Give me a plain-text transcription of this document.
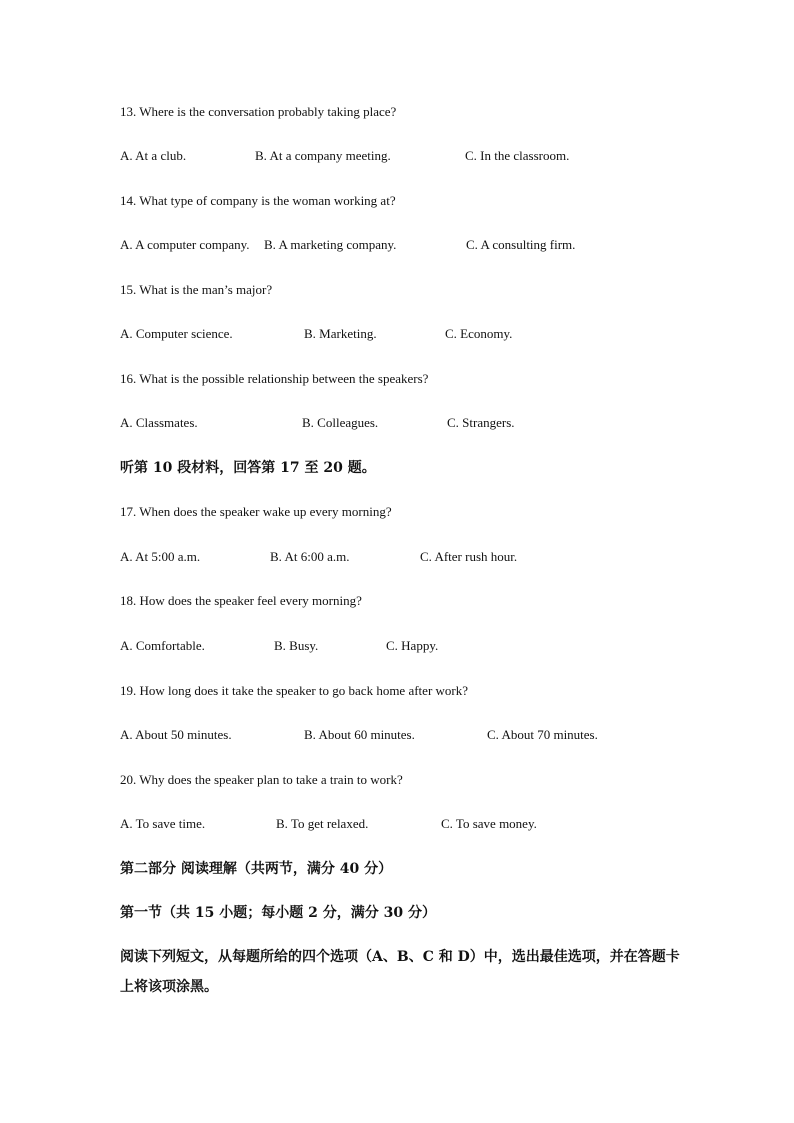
13. Where is the conversation probably taking place?
A. At a club.	B. At a company meeting.	C. In the classroom.
14. What type of company is the woman working at?
A. A computer company. B. A marketing company.	C. A consulting firm.
15. What is the man’s major?
A. Computer science.	B. Marketing.	C. Economy.
16. What is the possible relationship between the speakers?
A. Classmates.	B. Colleagues.	C. Strangers.
听第 10 段材料，回答第 17 至 20 题。
17. When does the speaker wake up every morning?
A. At 5:00 a.m.	B. At 6:00 a.m.	C. After rush hour.
18. How does the speaker feel every morning?
A. Comfortable.	B. Busy.	C. Happy.
19. How long does it take the speaker to go back home after work?
A. About 50 minutes.	B. About 60 minutes.	C. About 70 minutes.
20. Why does the speaker plan to take a train to work?
A. To save time.	B. To get relaxed.	C. To save money.
第二部分 阅读理解（共两节，满分 40 分）
第一节（共 15 小题；每小题 2 分，满分 30 分）
阅读下列短文，从每题所给的四个选项（A、B、C 和 D）中，选出最佳选项，并在答题卡上将该项涂黑。
